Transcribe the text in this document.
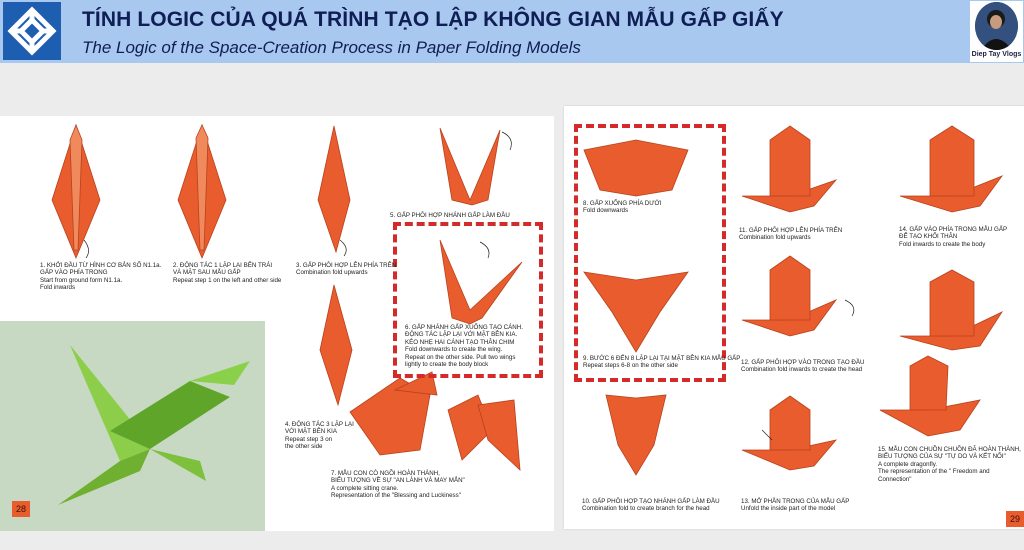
TÍNH LOGIC CỦA QUÁ TRÌNH TẠO LẬP KHÔNG GIAN MẪU GẤP GIẤY
The Logic of the Space-Creation Process in Paper Folding Models	Diep Tay Vlogs
28
1. KHỞI ĐẦU TỪ HÌNH CƠ BẢN SỐ N1.1a.
GẤP VÀO PHÍA TRONG
Start from ground form N1.1a.
Fold inwards
2. ĐỘNG TÁC 1 LẶP LẠI BÊN TRÁI
VÀ MẶT SAU MẪU GẤP
Repeat step 1 on the left and other side
3. GẤP PHÔI HỢP LÊN PHÍA TRÊN
Combination fold upwards
4. ĐỘNG TÁC 3 LẶP LẠI
VỚI MẶT BÊN KIA
Repeat step 3 on
the other side
5. GẤP PHÔI HỢP NHÁNH GẤP LÀM ĐẦU
6. GẤP NHÁNH GẤP XUỐNG TẠO CÁNH.
ĐỘNG TÁC LẶP LẠI VỚI MẶT BÊN KIA.
KÉO NHẸ HAI CÁNH TẠO THÂN CHIM
Fold downwards to create the wing.
Repeat on the other side. Pull two wings
lightly to create the body block
7. MẪU CON CÒ NGỒI HOÀN THÀNH,
BIỂU TƯỢNG VỀ SỰ "AN LÀNH VÀ MAY MẮN"
A complete sitting crane.
Representation of the "Blessing and Luckiness"
8. GẤP XUỐNG PHÍA DƯỚI
Fold downwards
9. BƯỚC 6 ĐẾN 8 LẶP LẠI TẠI MẶT BÊN KIA MẪU GẤP
Repeat steps 6-8 on the other side
10. GẤP PHÔI HỢP TẠO NHÁNH GẤP LÀM ĐẦU
Combination fold to create branch for the head
11. GẤP PHÔI HỢP LÊN PHÍA TRÊN
Combination fold upwards
12. GẤP PHÔI HỢP VÀO TRONG TẠO ĐẦU
Combination fold inwards to create the head
13. MỞ PHẦN TRONG CỦA MẪU GẤP
Unfold the inside part of the model
14. GẤP VÀO PHÍA TRONG MẪU GẤP
ĐỂ TẠO KHỐI THÂN
Fold inwards to create the body
15. MẪU CON CHUỒN CHUỒN ĐÃ HOÀN THÀNH,
BIỂU TƯỢNG CỦA SỰ "TỰ DO VÀ KẾT NỐI"
A complete dragonfly.
The representation of the " Freedom and
Connection"
29
